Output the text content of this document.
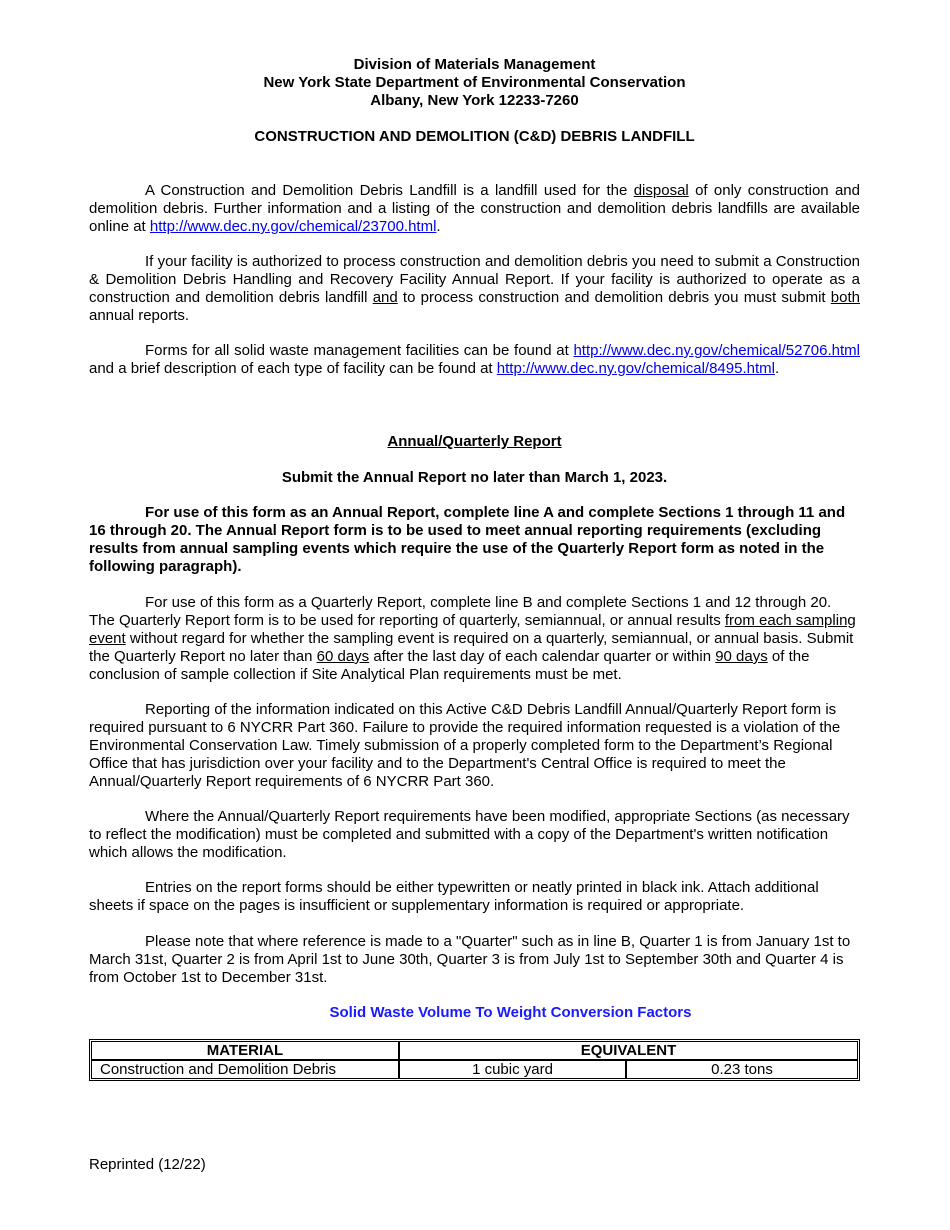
Division of Materials Management
New York State Department of Environmental Conservation
Albany, New York 12233-7260
CONSTRUCTION AND DEMOLITION (C&D) DEBRIS LANDFILL
A Construction and Demolition Debris Landfill is a landfill used for the disposal of only construction and demolition debris. Further information and a listing of the construction and demolition debris landfills are available online at http://www.dec.ny.gov/chemical/23700.html.
If your facility is authorized to process construction and demolition debris you need to submit a Construction & Demolition Debris Handling and Recovery Facility Annual Report. If your facility is authorized to operate as a construction and demolition debris landfill and to process construction and demolition debris you must submit both annual reports.
Forms for all solid waste management facilities can be found at http://www.dec.ny.gov/chemical/52706.html and a brief description of each type of facility can be found at http://www.dec.ny.gov/chemical/8495.html.
Annual/Quarterly Report
Submit the Annual Report no later than March 1, 2023.
For use of this form as an Annual Report, complete line A and complete Sections 1 through 11 and 16 through 20. The Annual Report form is to be used to meet annual reporting requirements (excluding results from annual sampling events which require the use of the Quarterly Report form as noted in the following paragraph).
For use of this form as a Quarterly Report, complete line B and complete Sections 1 and 12 through 20. The Quarterly Report form is to be used for reporting of quarterly, semiannual, or annual results from each sampling event without regard for whether the sampling event is required on a quarterly, semiannual, or annual basis. Submit the Quarterly Report no later than 60 days after the last day of each calendar quarter or within 90 days of the conclusion of sample collection if Site Analytical Plan requirements must be met.
Reporting of the information indicated on this Active C&D Debris Landfill Annual/Quarterly Report form is required pursuant to 6 NYCRR Part 360. Failure to provide the required information requested is a violation of the Environmental Conservation Law. Timely submission of a properly completed form to the Department’s Regional Office that has jurisdiction over your facility and to the Department's Central Office is required to meet the Annual/Quarterly Report requirements of 6 NYCRR Part 360.
Where the Annual/Quarterly Report requirements have been modified, appropriate Sections (as necessary to reflect the modification) must be completed and submitted with a copy of the Department's written notification which allows the modification.
Entries on the report forms should be either typewritten or neatly printed in black ink. Attach additional sheets if space on the pages is insufficient or supplementary information is required or appropriate.
Please note that where reference is made to a "Quarter" such as in line B, Quarter 1 is from January 1st to March 31st, Quarter 2 is from April 1st to June 30th, Quarter 3 is from July 1st to September 30th and Quarter 4 is from October 1st to December 31st.
Solid Waste Volume To Weight Conversion Factors
MATERIAL	EQUIVALENT	
Construction and Demolition Debris	1 cubic yard	0.23 tons
Reprinted (12/22)
